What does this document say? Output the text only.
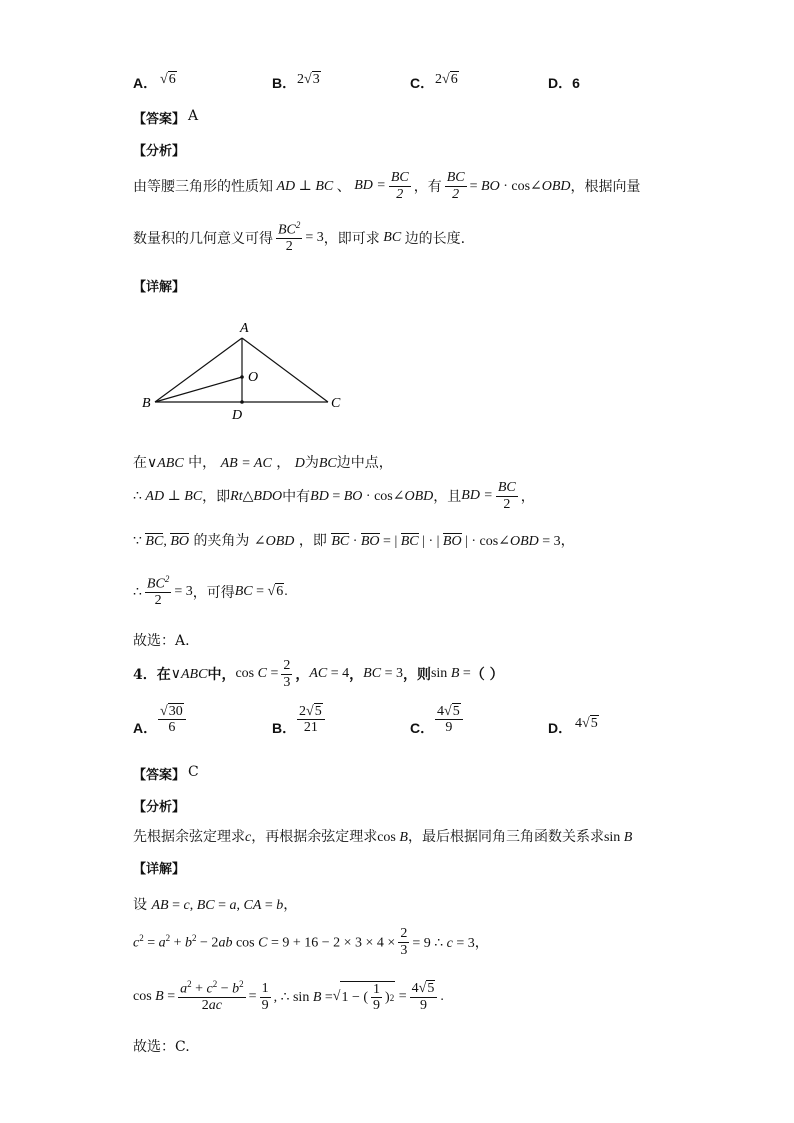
A． √6	B． 2√3	C． 2√6	D．6
【答案】 A
【分析】
由等腰三角形的性质知 AD ⊥ BC 、 BD = $\frac{BC}{2}$ ，有 $\frac{BC}{2}$ = BO · cos∠OBD ，根据向量
数量积的几何意义可得 $\frac{BC^2}{2} = 3$ ，即可求 BC 边的长度.
【详解】
A
O
B
D
C
在∨ABC 中， AB = AC ， D为BC边中点，
∴ AD ⊥ BC ，即 Rt△BDO 中有 BD = BO · cos∠OBD ，且 BD = $\frac{BC}{2}$ ，
∵ BC, BO 的夹角为 ∠OBD ，即 BC · BO = | BC | · | BO | · cos∠OBD = 3，
∴ $\frac{BC^2}{2} = 3$ ，可得 BC = √6.
故选：A.
4．在 ∨ABC 中， $\cos C = \frac{2}{3}$ ， AC = 4 ， BC = 3 ，则 sin B = （ ）
A． $\frac{√30}{6}$	B． $\frac{2√5}{21}$	C． $\frac{4√5}{9}$	D． 4√5
【答案】 C
【分析】
先根据余弦定理求c，再根据余弦定理求cos B，最后根据同角三角函数关系求sin B
【详解】
设 AB = c, BC = a, CA = b，
$c^2 = a^2 + b^2 - 2ab$ $\cos C = 9 + 16 - 2 \times 3 \times 4 \times \frac{2}{3} = 9$ ∴ c = 3，
$\cos B = \frac{a^2 + c^2 - b^2}{2ac} = \frac{1}{9}$ , ∴ sin B = √ 1 − ( $\frac{1}{9}$ ) $2 = \frac{4√5}{9}$ .
故选：C.
